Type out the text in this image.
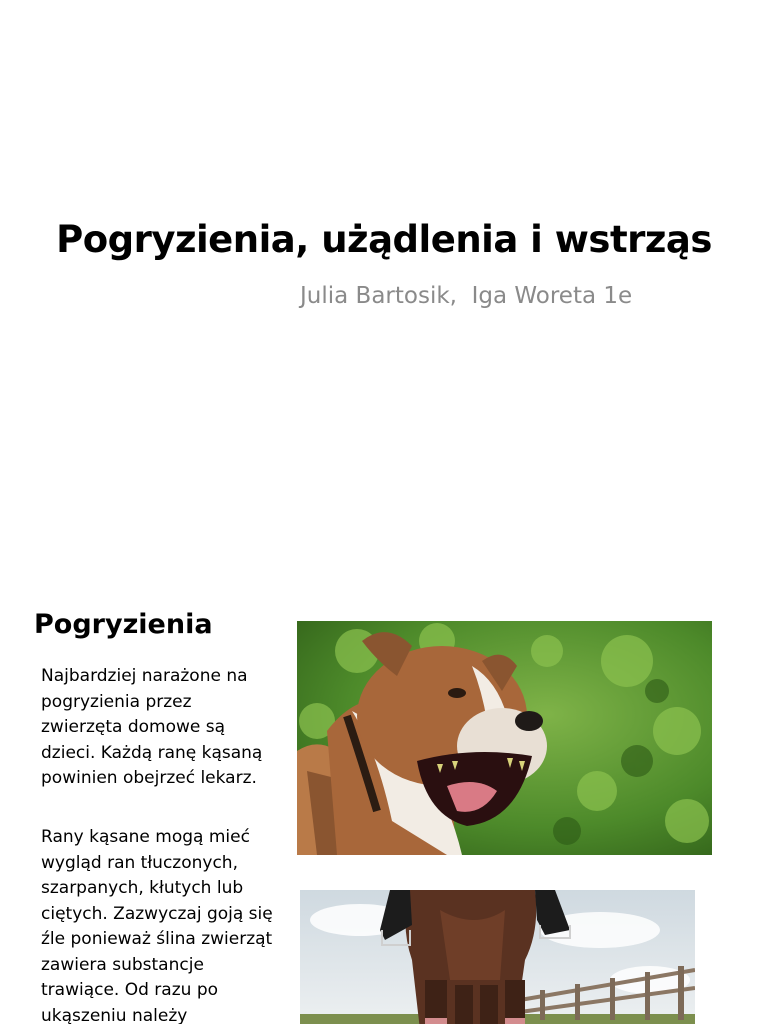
Pogryzienia, użądlenia i wstrząs

Julia Bartosik,  Iga Woreta 1e

Pogryzienia

Najbardziej narażone na pogryzienia przez zwierzęta domowe są dzieci. Każdą ranę kąsaną powinien obejrzeć lekarz.

Rany kąsane mogą mieć wygląd ran tłuczonych, szarpanych, kłutych lub ciętych. Zazwyczaj goją się źle ponieważ ślina zwierząt zawiera substancje trawiące. Od razu po ukąszeniu należy
